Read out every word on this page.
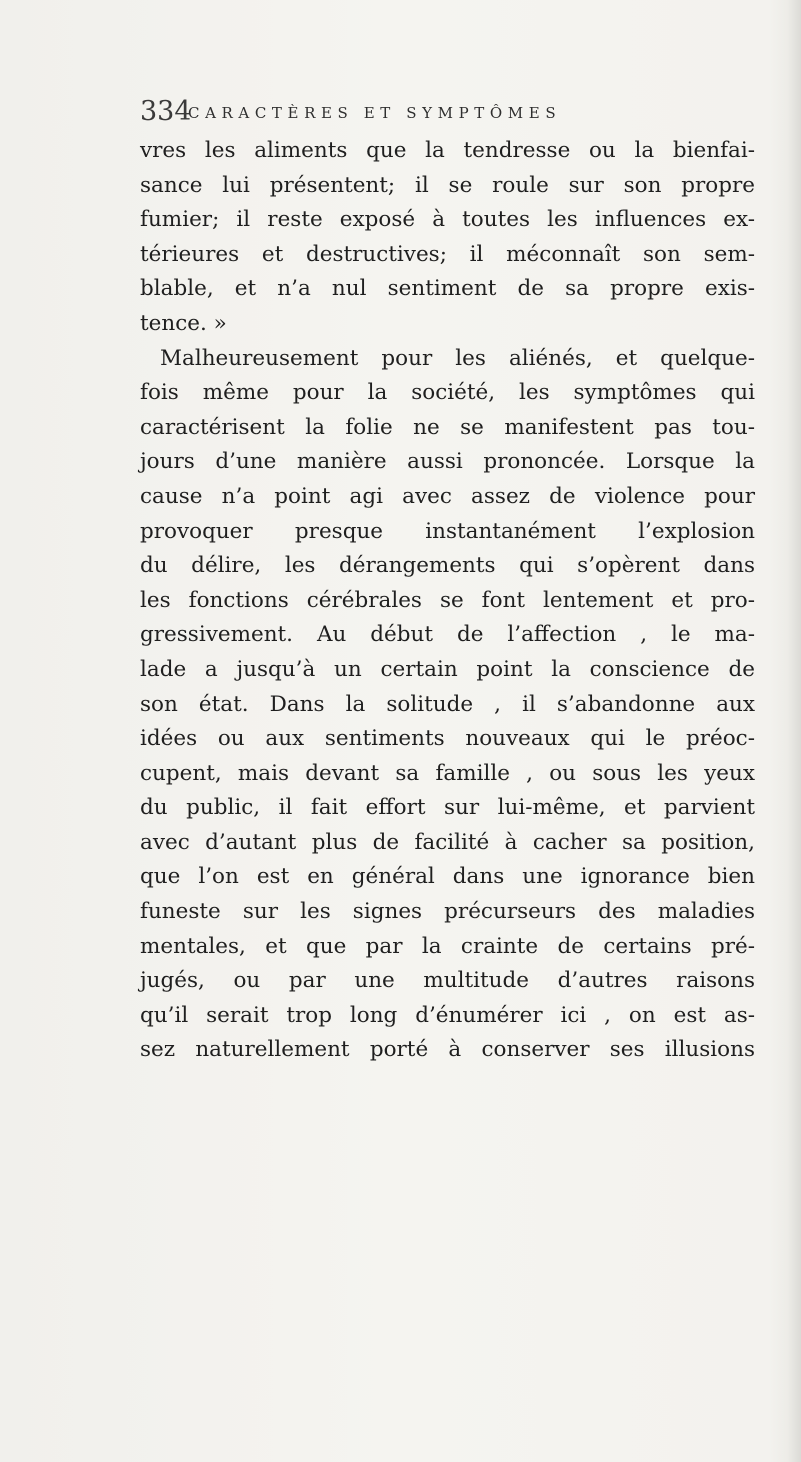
334
CARACTÈRES ET SYMPTÔMES
vres les aliments que la tendresse ou la bienfai-
sance lui présentent; il se roule sur son propre
fumier; il reste exposé à toutes les influences ex-
térieures et destructives; il méconnaît son sem-
blable, et n’a nul sentiment de sa propre exis-
tence. »
Malheureusement pour les aliénés, et quelque-
fois même pour la société, les symptômes qui
caractérisent la folie ne se manifestent pas tou-
jours d’une manière aussi prononcée. Lorsque la
cause n’a point agi avec assez de violence pour
provoquer presque instantanément l’explosion
du délire, les dérangements qui s’opèrent dans
les fonctions cérébrales se font lentement et pro-
gressivement. Au début de l’affection , le ma-
lade a jusqu’à un certain point la conscience de
son état. Dans la solitude , il s’abandonne aux
idées ou aux sentiments nouveaux qui le préoc-
cupent, mais devant sa famille , ou sous les yeux
du public, il fait effort sur lui-même, et parvient
avec d’autant plus de facilité à cacher sa position,
que l’on est en général dans une ignorance bien
funeste sur les signes précurseurs des maladies
mentales, et que par la crainte de certains pré-
jugés, ou par une multitude d’autres raisons
qu’il serait trop long d’énumérer ici , on est as-
sez naturellement porté à conserver ses illusions
